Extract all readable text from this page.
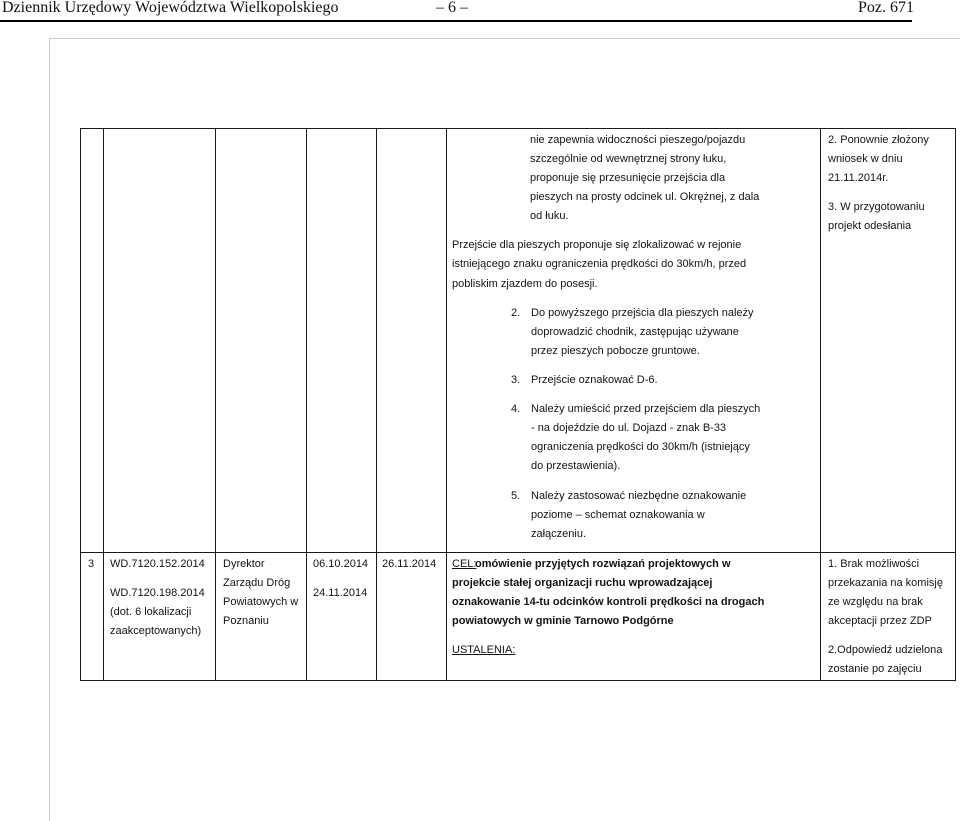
Dziennik Urzędowy Województwa Wielkopolskiego	– 6 –	Poz. 671
nie zapewnia widoczności pieszego/pojazdu
szczególnie od wewnętrznej strony łuku,
proponuje się przesunięcie przejścia dla
pieszych na prosty odcinek ul. Okrężnej, z dala
od łuku.
Przejście dla pieszych proponuje się zlokalizować w rejonie
istniejącego znaku ograniczenia prędkości do 30km/h, przed
pobliskim zjazdem do posesji.
2. Do powyższego przejścia dla pieszych należy
doprowadzić chodnik, zastępując używane
przez pieszych pobocze gruntowe.
3. Przejście oznakować D-6.
4. Należy umieścić przed przejściem dla pieszych
- na dojeździe do ul. Dojazd - znak B-33
ograniczenia prędkości do 30km/h (istniejący
do przestawienia).
5. Należy zastosować niezbędne oznakowanie
poziome – schemat oznakowania w
załączeniu.
2. Ponownie złożony
wniosek w dniu
21.11.2014r.
3. W przygotowaniu
projekt odesłania
3 WD.7120.152.2014
WD.7120.198.2014
(dot. 6 lokalizacji
zaakceptowanych)
Dyrektor
Zarządu Dróg
Powiatowych w
Poznaniu
06.10.2014
24.11.2014
26.11.2014 CEL:
omówienie przyjętych rozwiązań projektowych w
projekcie stałej organizacji ruchu wprowadzającej
oznakowanie 14-tu odcinków kontroli prędkości na drogach
powiatowych w gminie Tarnowo Podgórne
USTALENIA:
1. Brak możliwości
przekazania na komisję
ze względu na brak
akceptacji przez ZDP
2.Odpowiedź udzielona
zostanie po zajęciu
